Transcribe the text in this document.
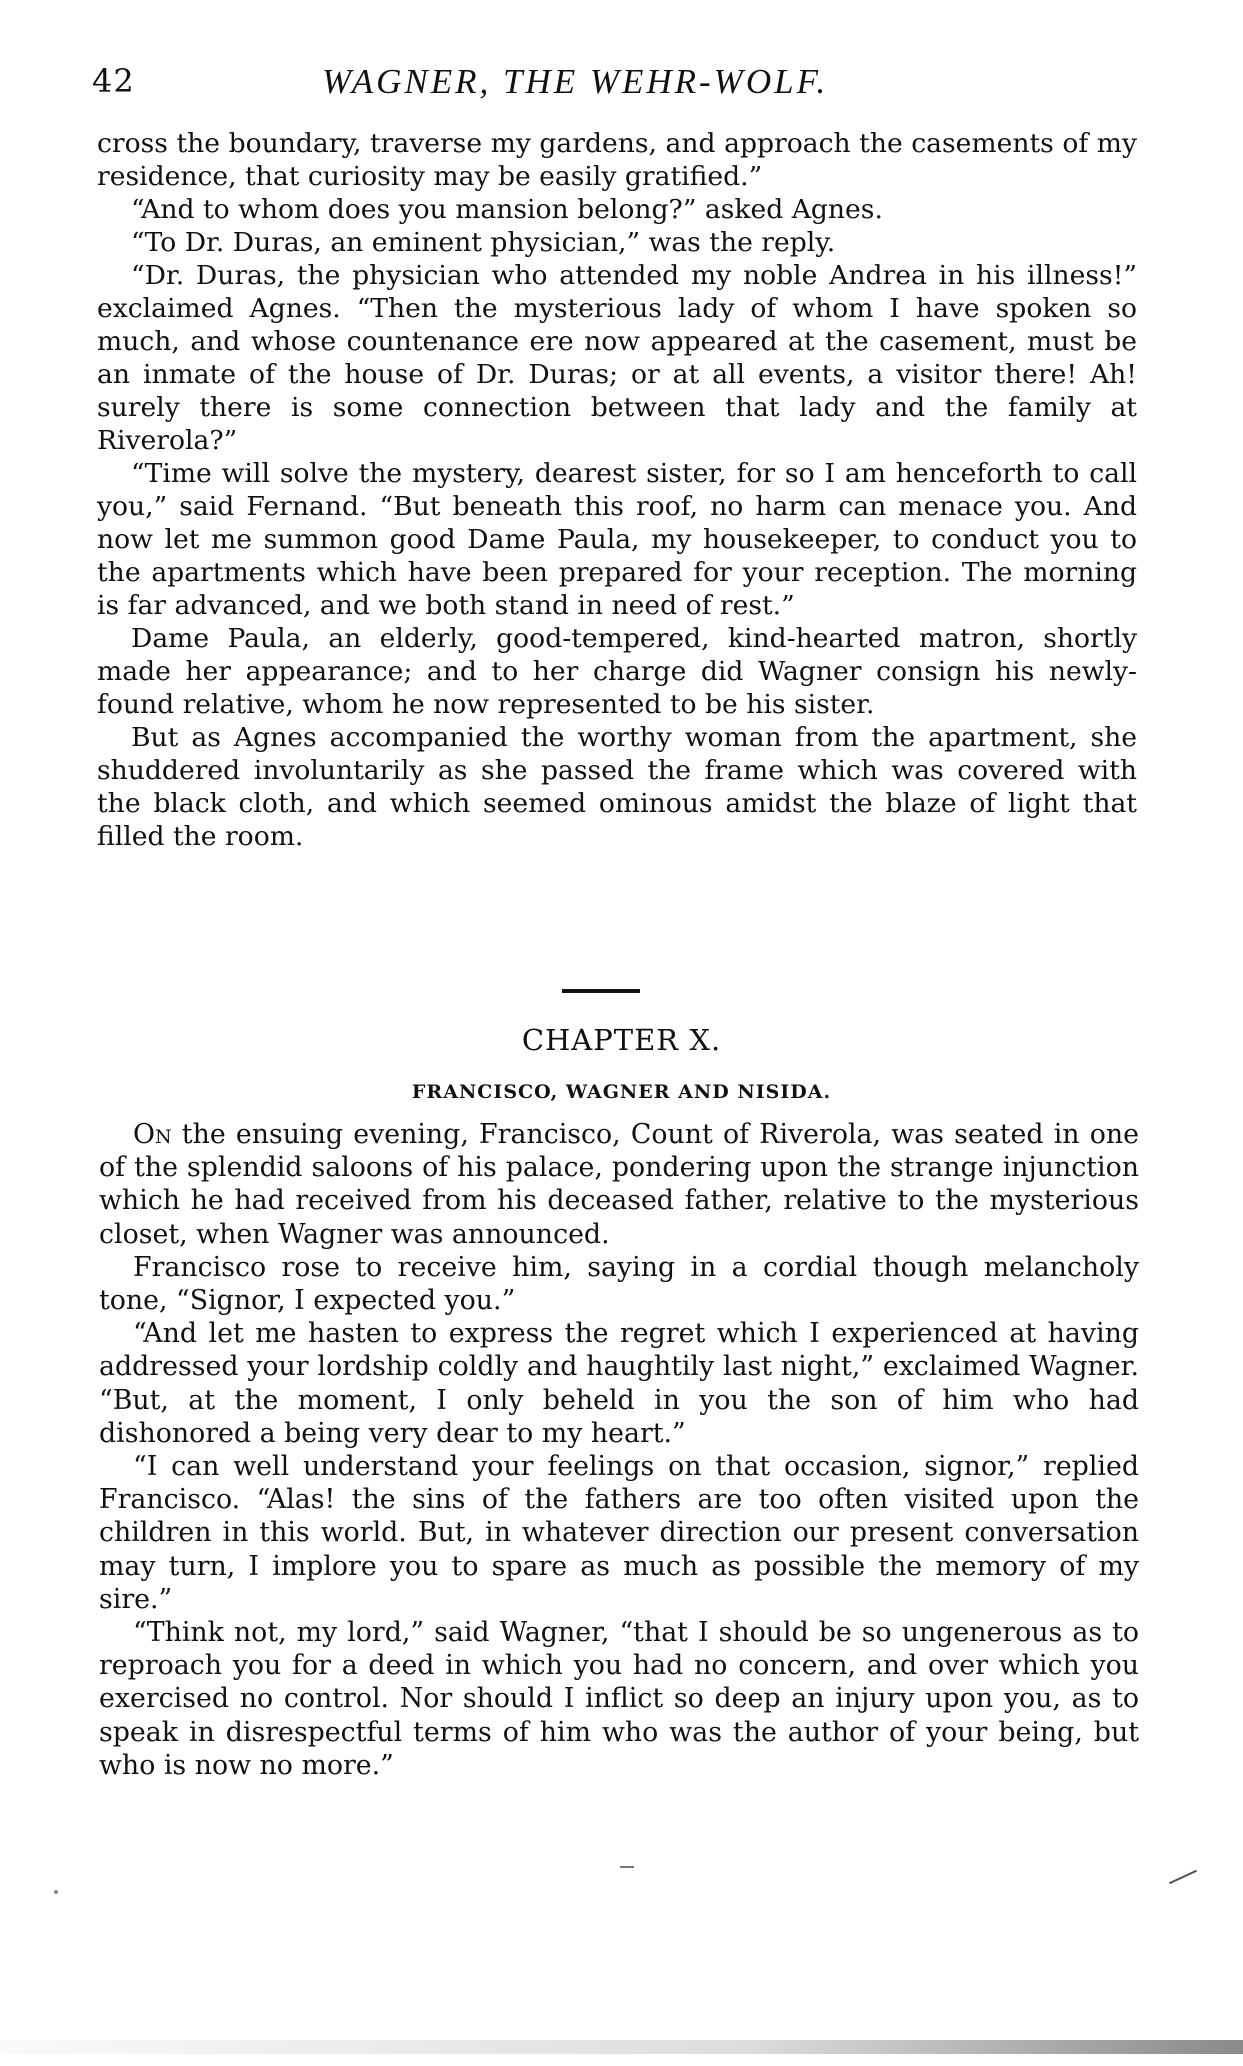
42	WAGNER, THE WEHR-WOLF.

cross the boundary, traverse my gardens, and approach the casements of my residence, that curiosity may be easily gratified.”

“And to whom does you mansion belong?” asked Agnes.

“To Dr. Duras, an eminent physician,” was the reply.

“Dr. Duras, the physician who attended my noble Andrea in his illness!” exclaimed Agnes. “Then the mysterious lady of whom I have spoken so much, and whose countenance ere now appeared at the casement, must be an inmate of the house of Dr. Duras; or at all events, a visitor there! Ah! surely there is some connection between that lady and the family at Riverola?”

“Time will solve the mystery, dearest sister, for so I am henceforth to call you,” said Fernand. “But beneath this roof, no harm can menace you. And now let me summon good Dame Paula, my housekeeper, to conduct you to the apartments which have been prepared for your reception. The morning is far advanced, and we both stand in need of rest.”

Dame Paula, an elderly, good-tempered, kind-hearted matron, shortly made her appearance; and to her charge did Wagner consign his newly-found relative, whom he now represented to be his sister.

But as Agnes accompanied the worthy woman from the apartment, she shuddered involuntarily as she passed the frame which was covered with the black cloth, and which seemed ominous amidst the blaze of light that filled the room.

CHAPTER X.
FRANCISCO, WAGNER AND NISIDA.

On the ensuing evening, Francisco, Count of Riverola, was seated in one of the splendid saloons of his palace, pondering upon the strange injunction which he had received from his deceased father, relative to the mysterious closet, when Wagner was announced.

Francisco rose to receive him, saying in a cordial though melancholy tone, “Signor, I expected you.”

“And let me hasten to express the regret which I experienced at having addressed your lordship coldly and haughtily last night,” exclaimed Wagner. “But, at the moment, I only beheld in you the son of him who had dishonored a being very dear to my heart.”

“I can well understand your feelings on that occasion, signor,” replied Francisco. “Alas! the sins of the fathers are too often visited upon the children in this world. But, in whatever direction our present conversation may turn, I implore you to spare as much as possible the memory of my sire.”

“Think not, my lord,” said Wagner, “that I should be so ungenerous as to reproach you for a deed in which you had no concern, and over which you exercised no control. Nor should I inflict so deep an injury upon you, as to speak in disrespectful terms of him who was the author of your being, but who is now no more.”
